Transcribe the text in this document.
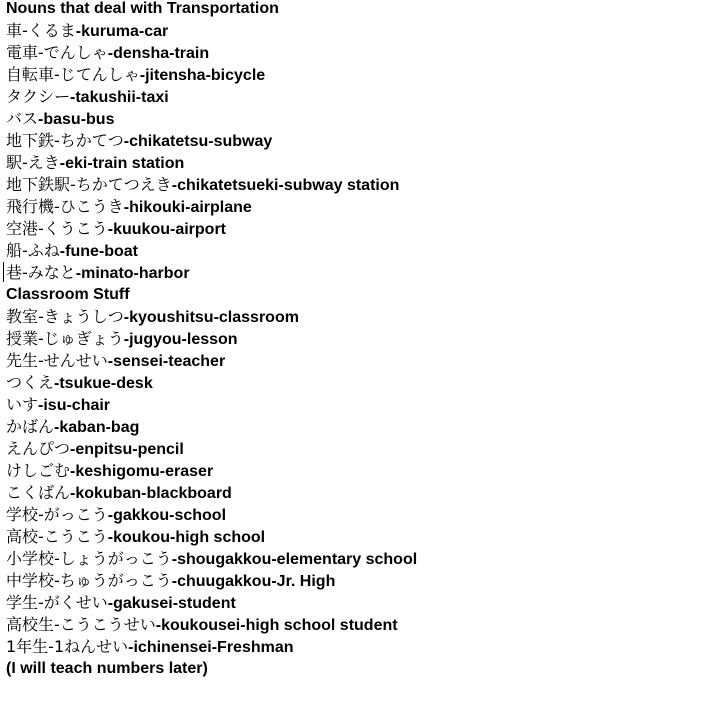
Nouns that deal with Transportation
車-くるま-kuruma-car
電車-でんしゃ-densha-train
自転車-じてんしゃ-jitensha-bicycle
タクシー-takushii-taxi
バス-basu-bus
地下鉄-ちかてつ-chikatetsu-subway
駅-えき-eki-train station
地下鉄駅-ちかてつえき-chikatetsueki-subway station
飛行機-ひこうき-hikouki-airplane
空港-くうこう-kuukou-airport
船-ふね-fune-boat
巷-みなと-minato-harbor
Classroom Stuff
教室-きょうしつ-kyoushitsu-classroom
授業-じゅぎょう-jugyou-lesson
先生-せんせい-sensei-teacher
つくえ-tsukue-desk
いす-isu-chair
かばん-kaban-bag
えんぴつ-enpitsu-pencil
けしごむ-keshigomu-eraser
こくばん-kokuban-blackboard
学校-がっこう-gakkou-school
高校-こうこう-koukou-high school
小学校-しょうがっこう-shougakkou-elementary school
中学校-ちゅうがっこう-chuugakkou-Jr. High
学生-がくせい-gakusei-student
高校生-こうこうせい-koukousei-high school student
1年生-1ねんせい-ichinensei-Freshman
(I will teach numbers later)
